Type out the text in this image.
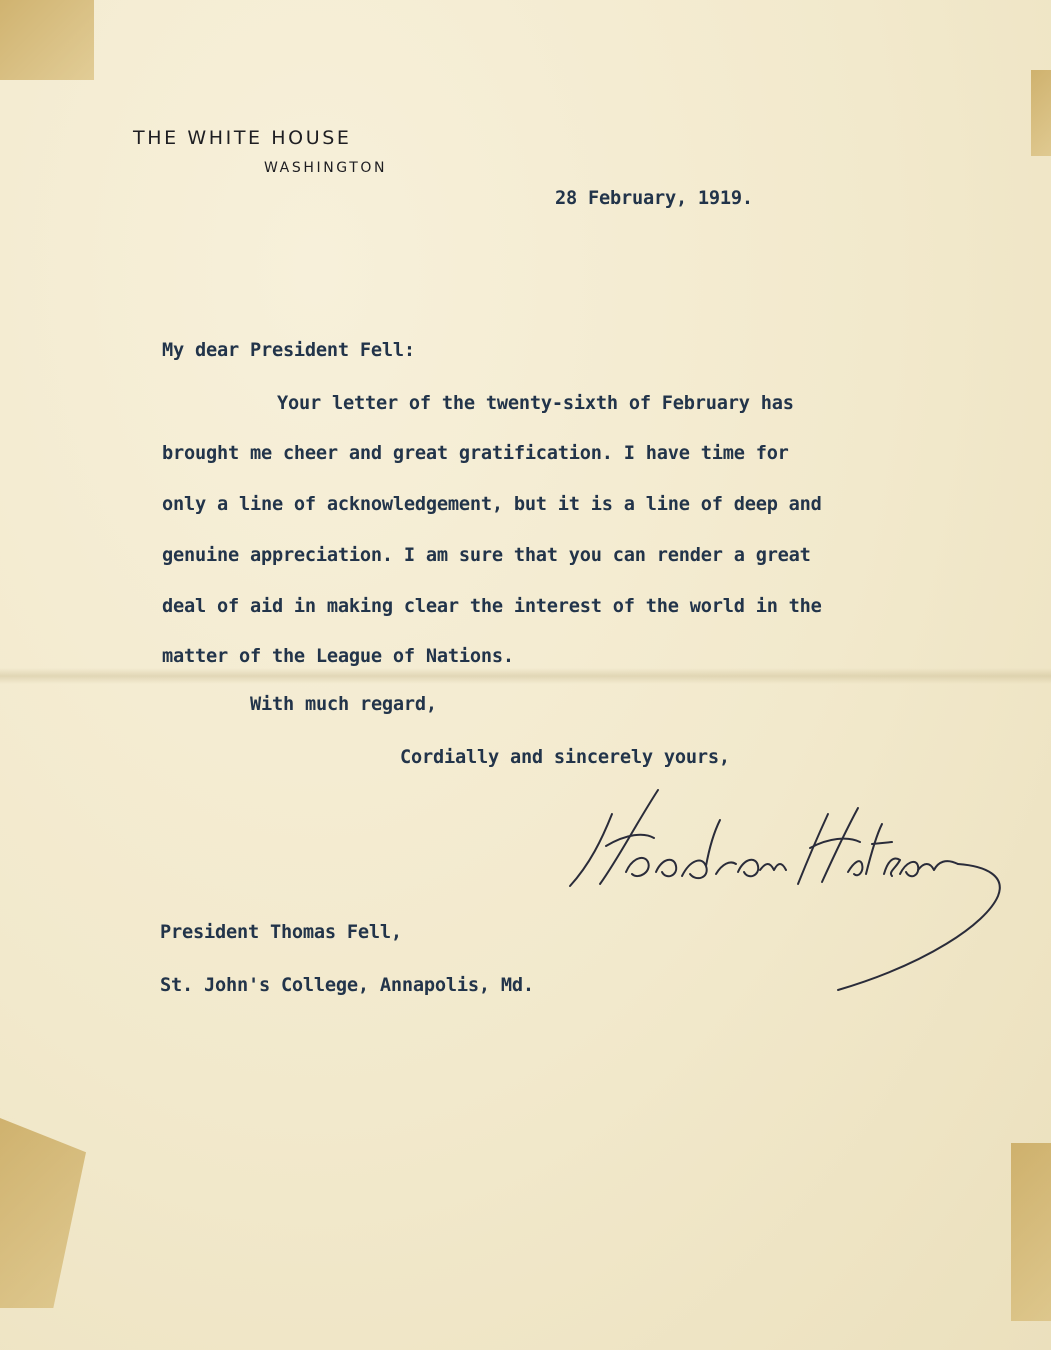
THE WHITE HOUSE
WASHINGTON
28 February, 1919.
My dear President Fell:
Your letter of the twenty-sixth of February has
brought me cheer and great gratification. I have time for
only a line of acknowledgement, but it is a line of deep and
genuine appreciation. I am sure that you can render a great
deal of aid in making clear the interest of the world in the
matter of the League of Nations.
With much regard,
Cordially and sincerely yours,
President Thomas Fell,
St. John's College, Annapolis, Md.
